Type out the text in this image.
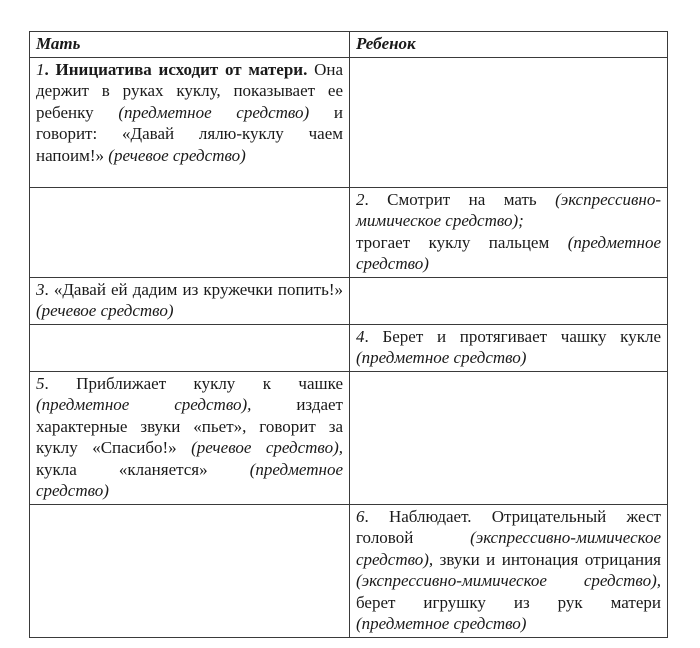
Мать	Ребенок
1. Инициатива исходит от матери. Она держит в руках куклу, показывает ее ребенку (предметное средство) и говорит: «Давай лялю-куклу чаем напоим!» (речевое средство)	
	2. Смотрит на мать (экспрессивно-мимическое средство);
трогает куклу пальцем (предметное средство)
3. «Давай ей дадим из кружечки попить!» (речевое средство)	
	4. Берет и протягивает чашку кукле (предметное средство)
5. Приближает куклу к чашке (предметное средство), издает характерные звуки «пьет», говорит за куклу «Спасибо!» (речевое средство), кукла «кланяется» (предметное средство)	
	6. Наблюдает. Отрицательный жест головой (экспрессивно-мимическое средство), звуки и интонация отрицания (экспрессивно-мимическое средство), берет игрушку из рук матери (предметное средство)
